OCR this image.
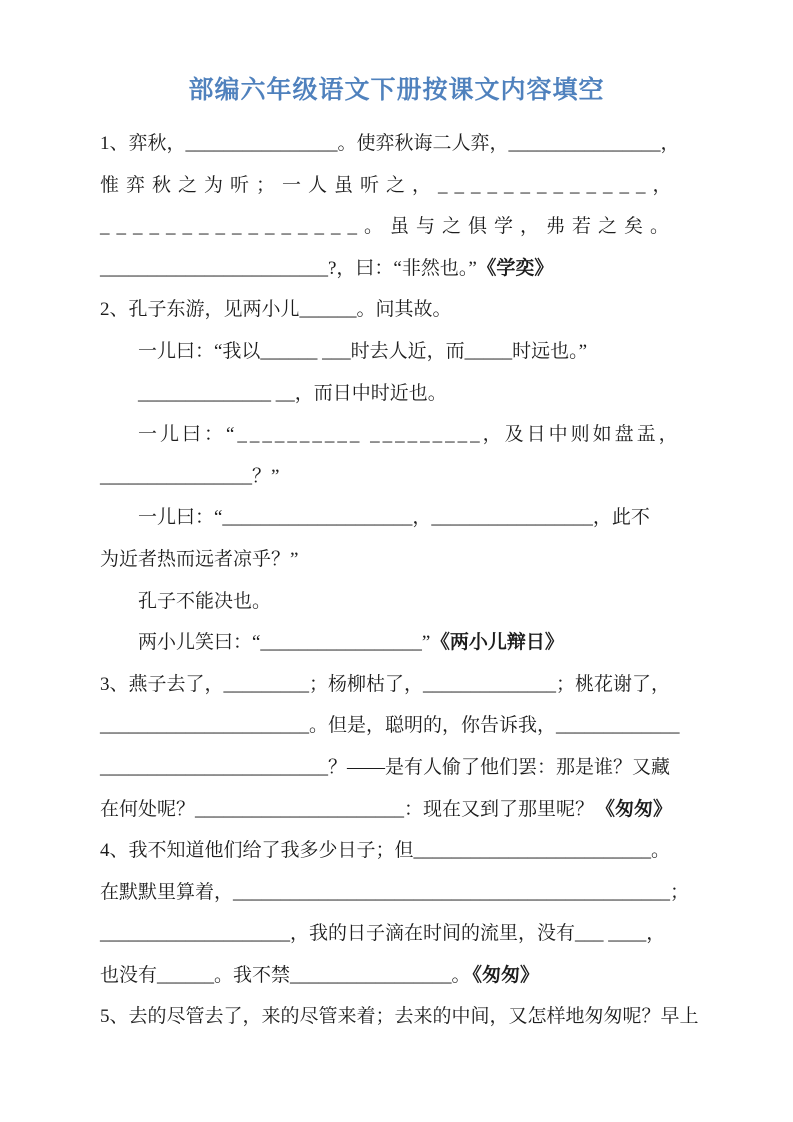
部编六年级语文下册按课文内容填空

1、弈秋，________________。使弈秋诲二人弈，________________，

惟弈秋之为听；一人虽听之，_____________，

________________。虽与之俱学，弗若之矣。

________________________?，曰：“非然也。” 《学奕》

2、孔子东游，见两小儿______。问其故。

一儿曰：“我以______ ___时去人近，而_____时远也。”

______________ __，而日中时近也。

一儿曰：“__________ _________，及日中则如盘盂，

________________？”

一儿曰：“____________________，_________________，此不

为近者热而远者凉乎？”

孔子不能决也。

两小儿笑曰：“_________________” 《两小儿辩日》

3、燕子去了，_________；杨柳枯了，______________；桃花谢了，

______________________。但是，聪明的，你告诉我，_____________

________________________？——是有人偷了他们罢：那是谁？又藏

在何处呢？______________________：现在又到了那里呢？ 《匆匆》

4、我不知道他们给了我多少日子；但_________________________。

在默默里算着，______________________________________________；

____________________，我的日子滴在时间的流里，没有___ ____，

也没有______。我不禁_________________。 《匆匆》

5、去的尽管去了，来的尽管来着；去来的中间，又怎样地匆匆呢？早上
